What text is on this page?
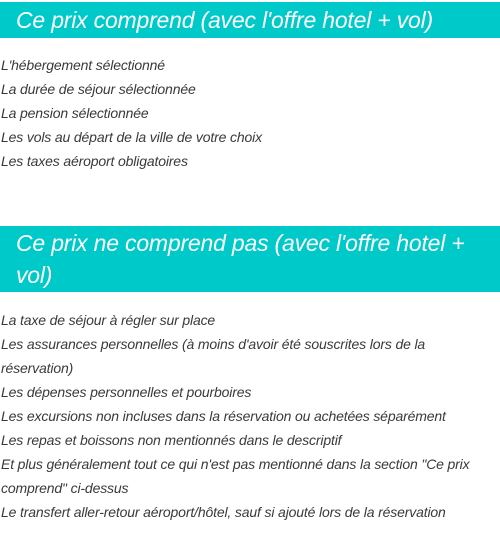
Ce prix comprend (avec l'offre hotel + vol)
L'hébergement sélectionné
La durée de séjour sélectionnée
La pension sélectionnée
Les vols au départ de la ville de votre choix
Les taxes aéroport obligatoires
Ce prix ne comprend pas (avec l'offre hotel + vol)
La taxe de séjour à régler sur place
Les assurances personnelles (à moins d'avoir été souscrites lors de la réservation)
Les dépenses personnelles et pourboires
Les excursions non incluses dans la réservation ou achetées séparément
Les repas et boissons non mentionnés dans le descriptif
Et plus généralement tout ce qui n'est pas mentionné dans la section "Ce prix comprend" ci-dessus
Le transfert aller-retour aéroport/hôtel, sauf si ajouté lors de la réservation
